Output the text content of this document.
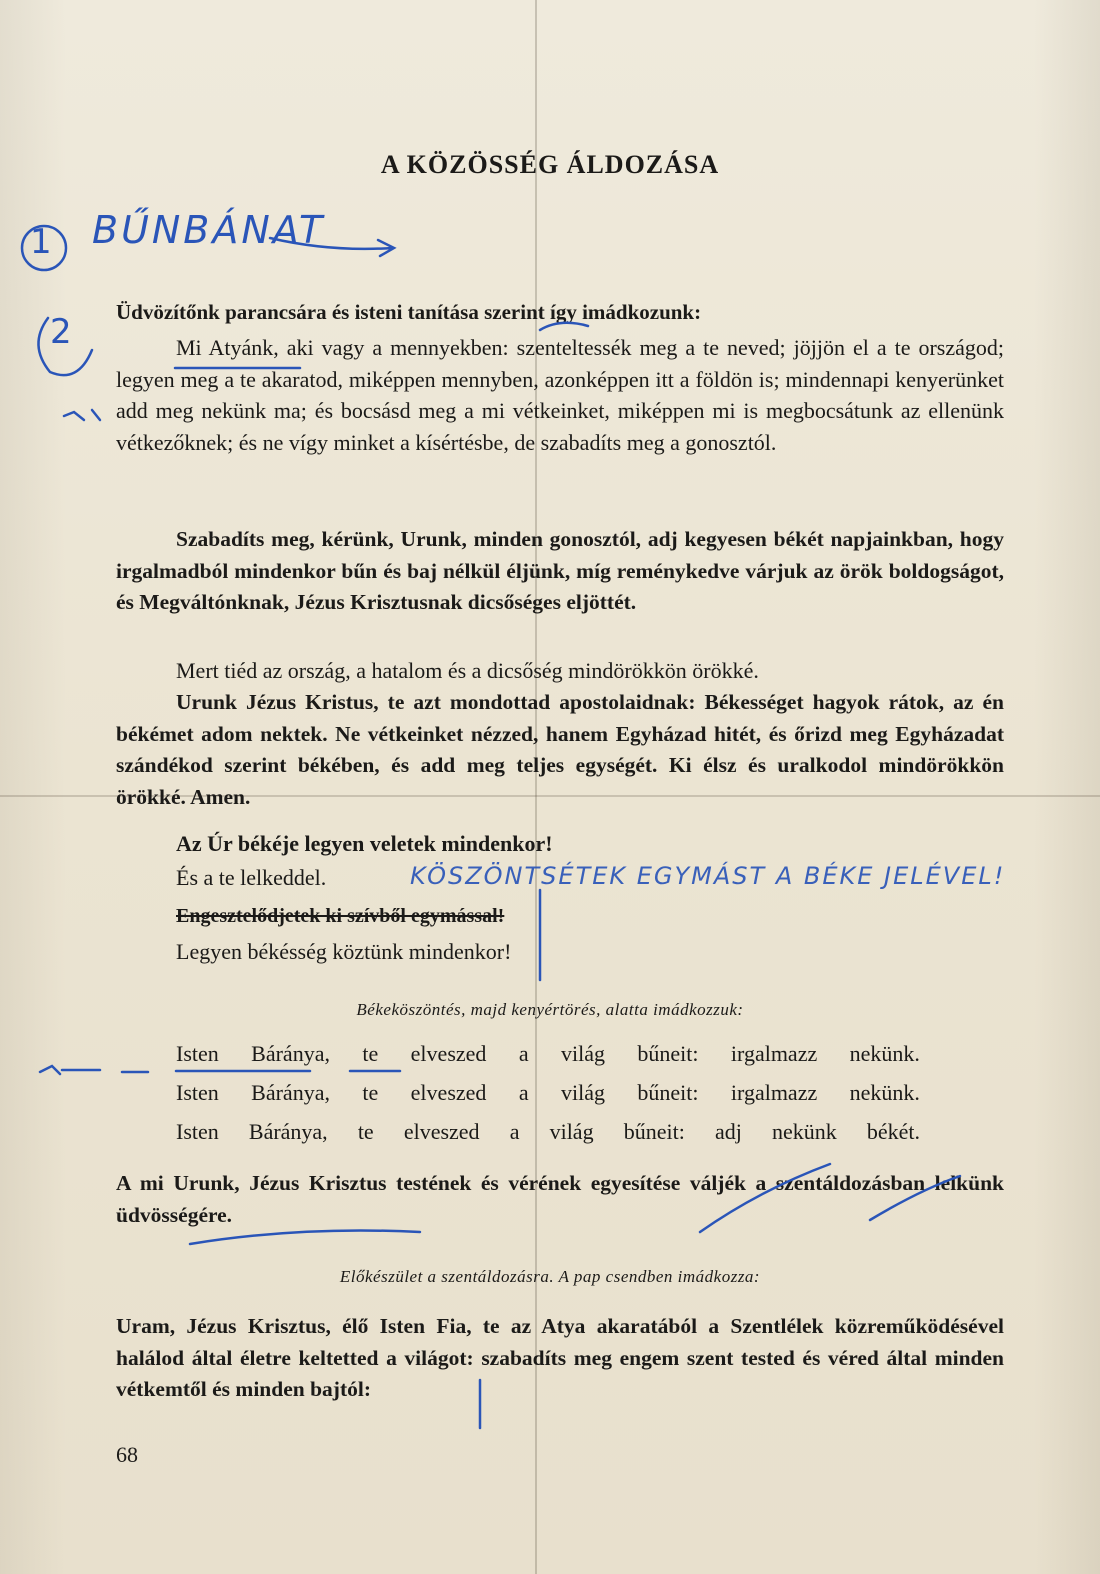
A KÖZÖSSÉG ÁLDOZÁSA
1 BŰNBÁNAT
2
KÖSZÖNTSÉTEK EGYMÁST A BÉKE JELÉVEL!
Üdvözítőnk parancsára és isteni tanítása szerint így imádkozunk:
Mi Atyánk, aki vagy a mennyekben: szenteltessék meg a te neved; jöjjön el a te országod; legyen meg a te akaratod, miképpen mennyben, azonképpen itt a földön is; mindennapi kenyerünket add meg nekünk ma; és bocsásd meg a mi vétkeinket, miképpen mi is megbocsátunk az ellenünk vétkezőknek; és ne vígy minket a kísértésbe, de szabadíts meg a gonosztól.
Szabadíts meg, kérünk, Urunk, minden gonosztól, adj kegyesen békét napjainkban, hogy irgalmadból mindenkor bűn és baj nélkül éljünk, míg reménykedve várjuk az örök boldogságot, és Megváltónknak, Jézus Krisztusnak dicsőséges eljöttét.
Mert tiéd az ország, a hatalom és a dicsőség mindörökkön örökké.
Urunk Jézus Kristus, te azt mondottad apostolaidnak: Békességet hagyok rátok, az én békémet adom nektek. Ne vétkeinket nézzed, hanem Egyházad hitét, és őrizd meg Egyházadat szándékod szerint békében, és add meg teljes egységét. Ki élsz és uralkodol mindörökkön örökké. Amen.
Az Úr békéje legyen veletek mindenkor!
És a te lelkeddel.
Engesztelődjetek ki szívből egymással!
Legyen békésség köztünk mindenkor!
Békeköszöntés, majd kenyértörés, alatta imádkozzuk:
Isten Báránya, te elveszed a világ bűneit: irgalmazz nekünk.
Isten Báránya, te elveszed a világ bűneit: irgalmazz nekünk.
Isten Báránya, te elveszed a világ bűneit: adj nekünk békét.
A mi Urunk, Jézus Krisztus testének és vérének egyesítése váljék a szentáldozásban lelkünk üdvösségére.
Előkészület a szentáldozásra. A pap csendben imádkozza:
Uram, Jézus Krisztus, élő Isten Fia, te az Atya akaratából a Szentlélek közreműködésével halálod által életre keltetted a világot: szabadíts meg engem szent tested és véred által minden vétkemtől és minden bajtól:
68
